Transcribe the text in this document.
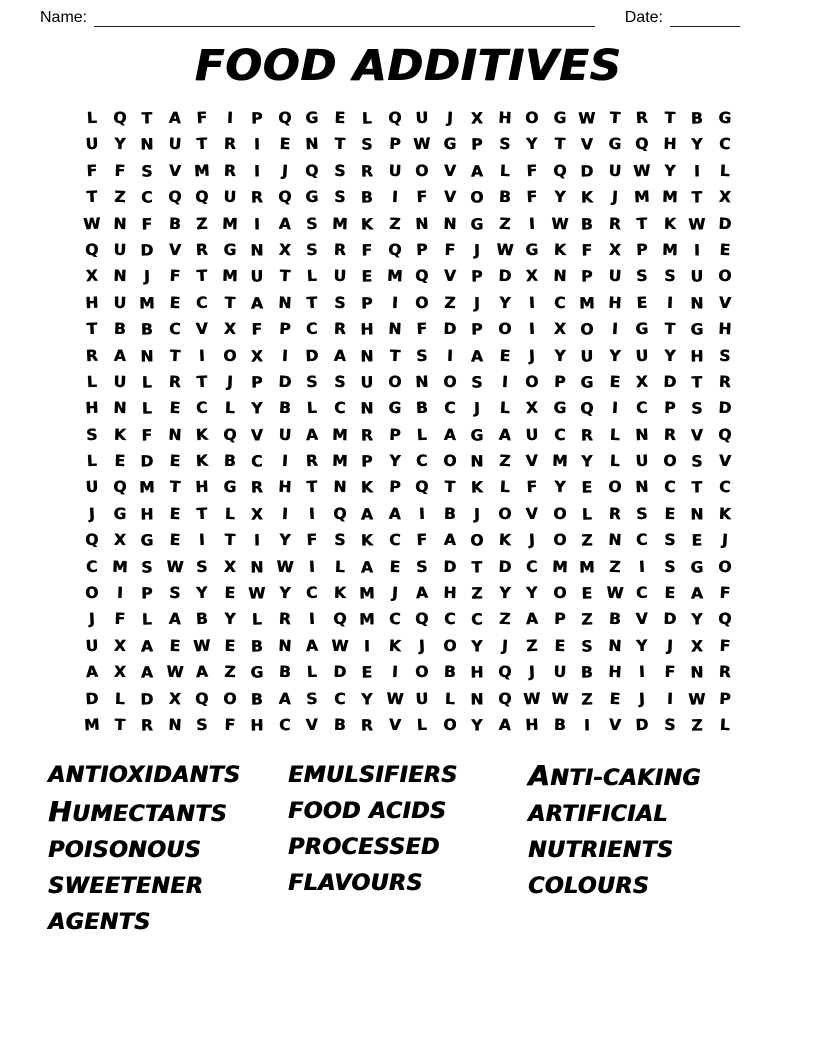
Name:	Date:
FOOD ADDITIVES
L Q T	A F	I	P Q G E	L Q U	J	X H O G W T R T	B G
U Y N U T R	I	E N T	S	P W G P	S Y	T	V G Q H Y	C
F	F	S V M R	I	J	Q S R U O V A	L	F Q D U W Y	I	L
T	Z	C Q Q U R Q G S	B	I	F V O B F	Y K	J	M M T	X
W N F	B Z M	I	A S M K Z N N G Z	I W B R T K W D
Q U D V R G N X S R	F Q P	F	J W G K	F	X P M	I	E
X N	J	F	T M U T	L U E M Q V P D X N P U S	S U O
H U M E	C	T	A N T	S	P	I	O Z	J	Y	I	C M H E	I	N V
T	B B C V X	F	P C R H N F D P O	I	X O	I	G T G H
R A N T	I	O X	I	D A N T	S	I	A	E	J	Y U Y U Y H S
L U	L	R T	J	P D S	S U O N O S	I	O P G E X D T	R
H N	L	E	C	L	Y B	L	C N G B C	J	L	X G Q	I	C P	S D
S K	F N K Q V U A M R P	L	A G A U C R	L N R V Q
L	E D E K B C	I	R M P	Y C O N Z V M Y	L U O S V
U Q M T H G R H T N K P Q T	K	L	F	Y	E O N C	T	C
J	G H E	T	L	X	I	I	Q A A	I	B	J	O V O L	R S	E N K
Q X G E	I	T	I	Y	F	S K C	F A O K	J	O Z N C S	E	J
C M S W S X N W I	L	A	E	S D T D C M M Z	I	S G O
O	I	P	S Y	E W Y C K M	J	A H Z	Y Y O E W C	E	A	F
J	F	L	A B Y	L	R	I	Q M C Q C	C	Z A P	Z B V D Y Q
U X A	E W E	B N A W	I	K	J	O Y	J	Z	E	S N Y	J	X	F
A X A W A Z G B	L D E	I	O B H Q	J	U B H	I	F N R
D L	D X Q O B A S C	Y W U L	N Q W W Z	E	J	I	W P
M T	R N S	F H C V B R V	L O Y A H B	I	V D S	Z	L
ANTIOXIDANTS
HUMECTANTS
POISONOUS
SWEETENER
AGENTS
EMULSIFIERS
FOOD ACIDS
PROCESSED
FLAVOURS
ANTI-CAKING
ARTIFICIAL
NUTRIENTS
COLOURS
